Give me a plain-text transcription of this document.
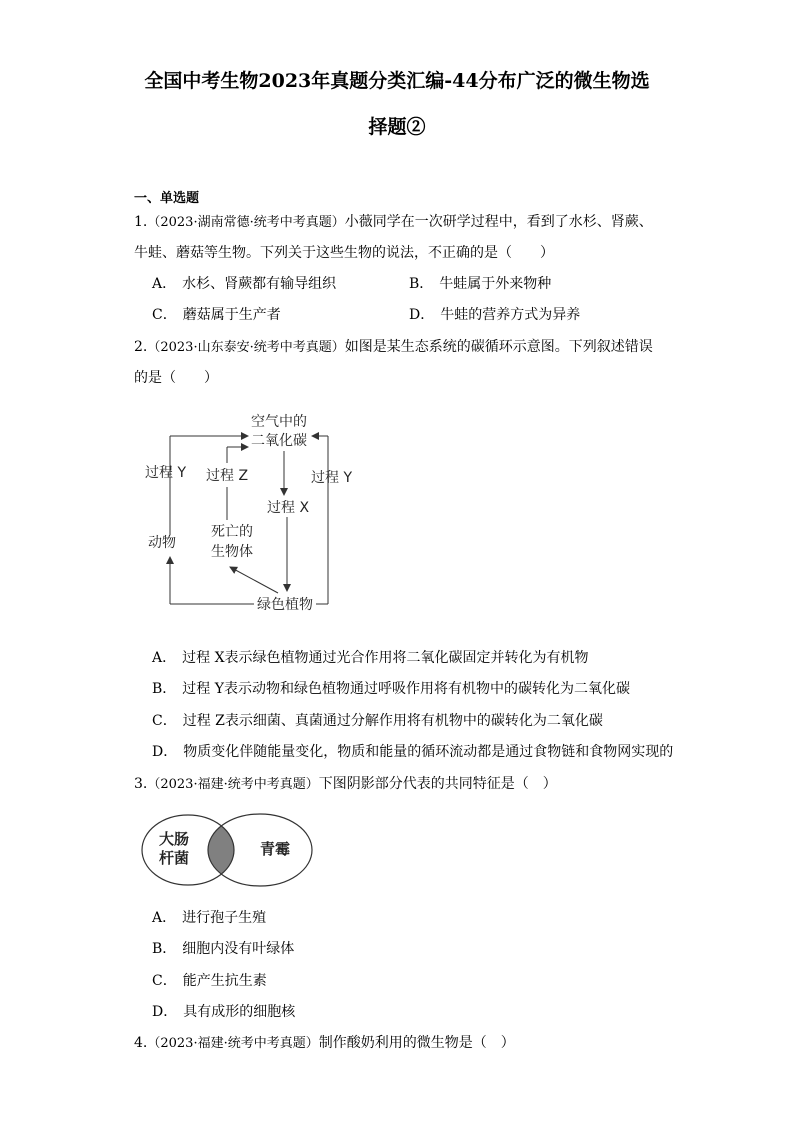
全国中考生物2023年真题分类汇编-44分布广泛的微生物选
择题②
一、单选题
1.（2023·湖南常德·统考中考真题）小薇同学在一次研学过程中，看到了水杉、肾蕨、
牛蛙、蘑菇等生物。下列关于这些生物的说法，不正确的是（　　）
A． 水杉、肾蕨都有输导组织	B． 牛蛙属于外来物种
C． 蘑菇属于生产者	D． 牛蛙的营养方式为异养
2.（2023·山东泰安·统考中考真题）如图是某生态系统的碳循环示意图。下列叙述错误
的是（　　）
空气中的
二氧化碳
过程 Y 过程 Z	过程 Y
过程 X
死亡的
生物体
动物
绿色植物
A． 过程 X表示绿色植物通过光合作用将二氧化碳固定并转化为有机物
B． 过程 Y表示动物和绿色植物通过呼吸作用将有机物中的碳转化为二氧化碳
C． 过程 Z表示细菌、真菌通过分解作用将有机物中的碳转化为二氧化碳
D． 物质变化伴随能量变化，物质和能量的循环流动都是通过食物链和食物网实现的
3.（2023·福建·统考中考真题）下图阴影部分代表的共同特征是（　）
大肠
杆菌	青霉
A． 进行孢子生殖
B． 细胞内没有叶绿体
C． 能产生抗生素
D． 具有成形的细胞核
4.（2023·福建·统考中考真题）制作酸奶利用的微生物是（　）
